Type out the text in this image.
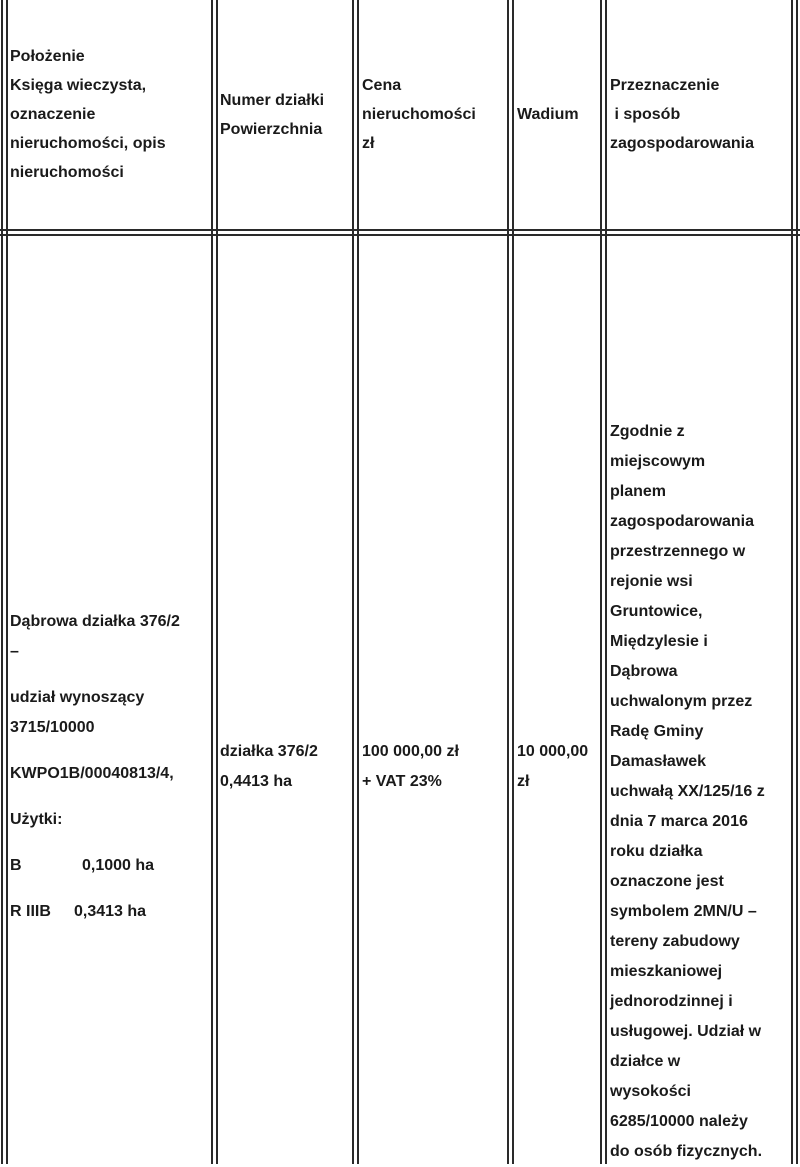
Położenie
Księga wieczysta,
oznaczenie
nieruchomości, opis
nieruchomości
Numer działki
Powierzchnia
Cena
nieruchomości
zł
Wadium
Przeznaczenie
i sposób
zagospodarowania
Dąbrowa działka 376/2
–
udział wynoszący
3715/10000
KWPO1B/00040813/4,
Użytki:
B	0,1000 ha
R IIIB 0,3413 ha
działka 376/2
0,4413 ha
100 000,00 zł
+ VAT 23%
10 000,00
zł
Zgodnie z
miejscowym
planem
zagospodarowania
przestrzennego w
rejonie wsi
Gruntowice,
Międzylesie i
Dąbrowa
uchwalonym przez
Radę Gminy
Damasławek
uchwałą XX/125/16 z
dnia 7 marca 2016
roku działka
oznaczone jest
symbolem 2MN/U –
tereny zabudowy
mieszkaniowej
jednorodzinnej i
usługowej. Udział w
działce w
wysokości
6285/10000 należy
do osób fizycznych.
